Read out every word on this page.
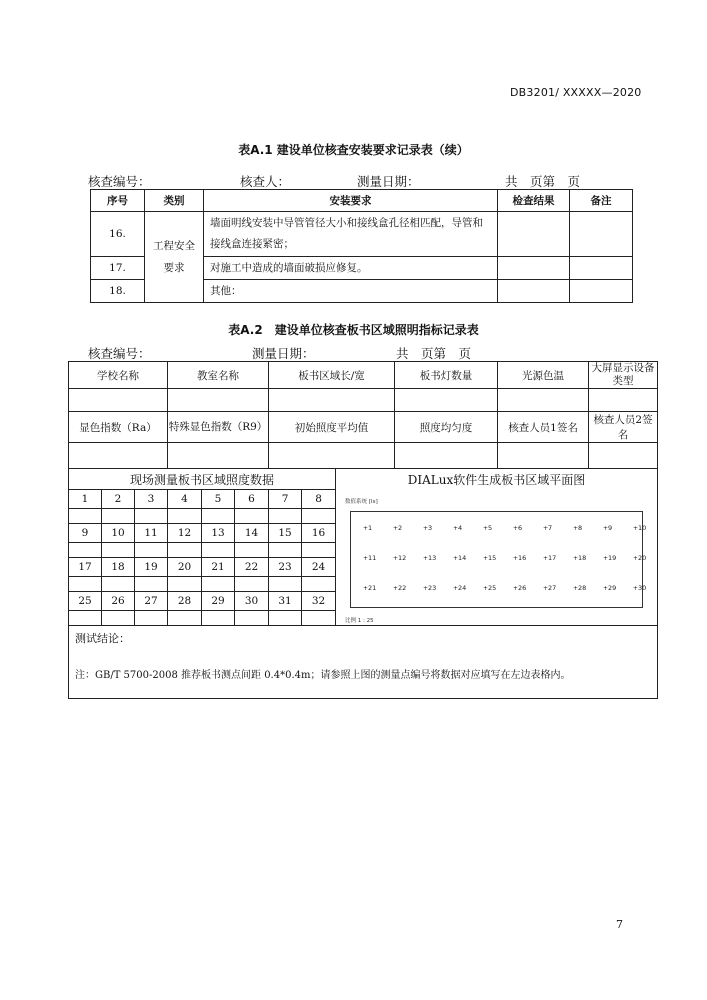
DB3201/ XXXXX—2020
表A.1 建设单位核查安装要求记录表（续）
核查编号：	核查人：	测量日期：	共　页第　页
序号	类别	安装要求	检查结果	备注
16.	工程安全要求	墙面明线安装中导管管径大小和接线盒孔径相匹配，导管和
接线盒连接紧密；		

17.		对施工中造成的墙面破损应修复。		
18.		其他：		
表A.2　建设单位核查板书区域照明指标记录表
核查编号：	测量日期：	共　页第　页
学校名称			教室名称			板书区域长/宽			板书灯数量	光源色温	大屏显示设备类型

显色指数（Ra）			特殊显色指数（R9）			初始照度平均值			照度均匀度	核查人员1签名	核查人员2签名

现场测量板书区域照度数据								DIALux软件生成板书区域平面图			
1	2	3	4	5	6	7	8				

9	10	11	12	13	14	15	16				

17	18	19	20	21	22	23	24				

25	26	27	28	29	30	31	32				

测试结论：
注：GB/T 5700-2008 推荐板书测点间距 0.4*0.4m；请参照上图的测量点编号将数据对应填写在左边表格内。											
数值系统 [lx]
+ 1	+ 2	+ 3	+ 4	+ 5	+ 6	+ 7	+ 8	+ 9	+ 10
+ 11	+ 12	+ 13	+ 14	+ 15	+ 16	+ 17	+ 18	+ 19	+ 20
+ 21	+ 22	+ 23	+ 24	+ 25	+ 26	+ 27	+ 28	+ 29	+ 30
比例 1 : 25
7
